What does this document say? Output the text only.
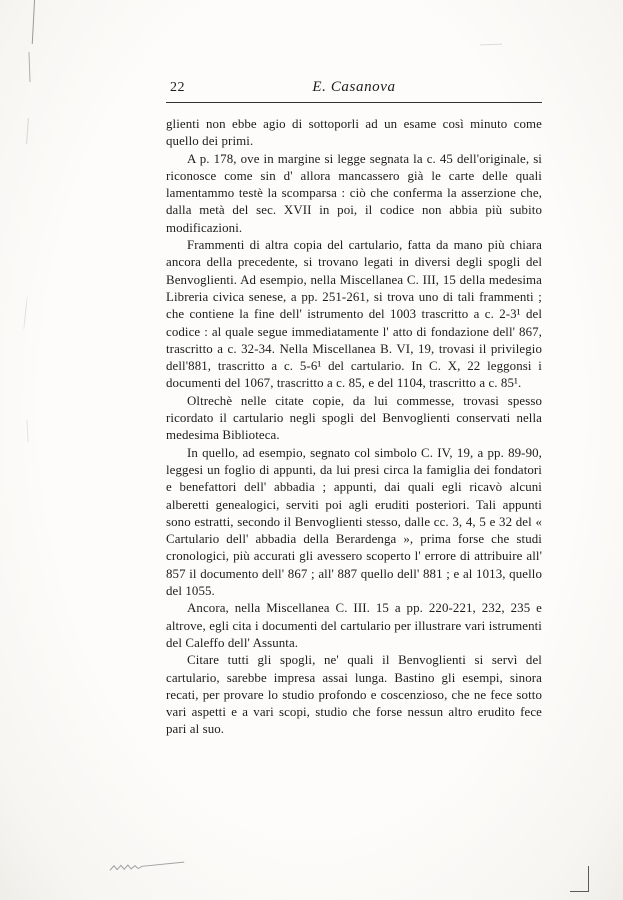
22	E. Casanova

glienti non ebbe agio di sottoporli ad un esame così minuto come quello dei primi.

A p. 178, ove in margine si legge segnata la c. 45 dell'originale, si riconosce come sin d' allora mancassero già le carte delle quali lamentammo testè la scomparsa : ciò che conferma la asserzione che, dalla metà del sec. XVII in poi, il codice non abbia più subito modificazioni.

Frammenti di altra copia del cartulario, fatta da mano più chiara ancora della precedente, si trovano legati in diversi degli spogli del Benvoglienti. Ad esempio, nella Miscellanea C. III, 15 della medesima Libreria civica senese, a pp. 251-261, si trova uno di tali frammenti ; che contiene la fine dell' istrumento del 1003 trascritto a c. 2-3¹ del codice : al quale segue immediatamente l' atto di fondazione dell' 867, trascritto a c. 32-34. Nella Miscellanea B. VI, 19, trovasi il privilegio dell'881, trascritto a c. 5-6¹ del cartulario. In C. X, 22 leggonsi i documenti del 1067, trascritto a c. 85, e del 1104, trascritto a c. 85¹.

Oltrechè nelle citate copie, da lui commesse, trovasi spesso ricordato il cartulario negli spogli del Benvoglienti conservati nella medesima Biblioteca.

In quello, ad esempio, segnato col simbolo C. IV, 19, a pp. 89-90, leggesi un foglio di appunti, da lui presi circa la famiglia dei fondatori e benefattori dell' abbadia ; appunti, dai quali egli ricavò alcuni alberetti genealogici, serviti poi agli eruditi posteriori. Tali appunti sono estratti, secondo il Benvoglienti stesso, dalle cc. 3, 4, 5 e 32 del « Cartulario dell' abbadia della Berardenga », prima forse che studi cronologici, più accurati gli avessero scoperto l' errore di attribuire all' 857 il documento dell' 867 ; all' 887 quello dell' 881 ; e al 1013, quello del 1055.

Ancora, nella Miscellanea C. III. 15 a pp. 220-221, 232, 235 e altrove, egli cita i documenti del cartulario per illustrare vari istrumenti del Caleffo dell' Assunta.

Citare tutti gli spogli, ne' quali il Benvoglienti si servì del cartulario, sarebbe impresa assai lunga. Bastino gli esempi, sinora recati, per provare lo studio profondo e coscenzioso, che ne fece sotto vari aspetti e a vari scopi, studio che forse nessun altro erudito fece pari al suo.
